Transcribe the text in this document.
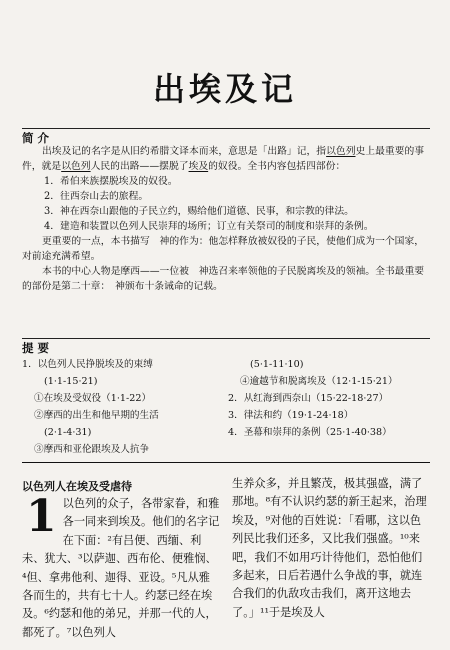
出埃及记
简 介

出埃及记的名字是从旧约希腊文译本而来，意思是「出路」记，指以色列史上最重要的事件，就是以色列人民的出路——摆脱了埃及的奴役。全书内容包括四部份：

1．希伯来族摆脱埃及的奴役。
2．往西奈山去的旅程。
3．神在西奈山跟他的子民立约，赐给他们道德、民事，和宗教的律法。
4．建造和装置以色列人民崇拜的场所；订立有关祭司的制度和崇拜的条例。

更重要的一点，本书描写　神的作为：他怎样释放被奴役的子民，使他们成为一个国家，对前途充满希望。

本书的中心人物是摩西——一位被　神选召来率领他的子民脱离埃及的领袖。全书最重要的部份是第二十章：　神颁布十条诫命的记载。

提 要
1．以色列人民挣脱埃及的束缚
(1·1-15·21)
①在埃及受奴役（1·1-22）
②摩西的出生和他早期的生活
(2·1-4·31)
③摩西和亚伦跟埃及人抗争
(5·1-11·10)
④逾越节和脱离埃及（12·1-15·21）
2．从红海到西奈山（15·22-18·27）
3．律法和约（19·1-24·18）
4．圣幕和崇拜的条例（25·1-40·38）
以色列人在埃及受虐待
1 以色列的众子，各带家眷，和雅各一同来到埃及。他们的名字记在下面：²有吕便、西缅、利未、犹大、³以萨迦、西布伦、便雅悯、⁴但、拿弗他利、迦得、亚设。⁵凡从雅各而生的，共有七十人。约瑟已经在埃及。⁶约瑟和他的弟兄，并那一代的人，都死了。⁷以色列人
生养众多，并且繁茂，极其强盛，满了那地。⁸有不认识约瑟的新王起来，治理埃及，⁹对他的百姓说：「看哪，这以色列民比我们还多，又比我们强盛。¹⁰来吧，我们不如用巧计待他们，恐怕他们多起来，日后若遇什么争战的事，就连合我们的仇敌攻击我们，离开这地去了。」¹¹于是埃及人
